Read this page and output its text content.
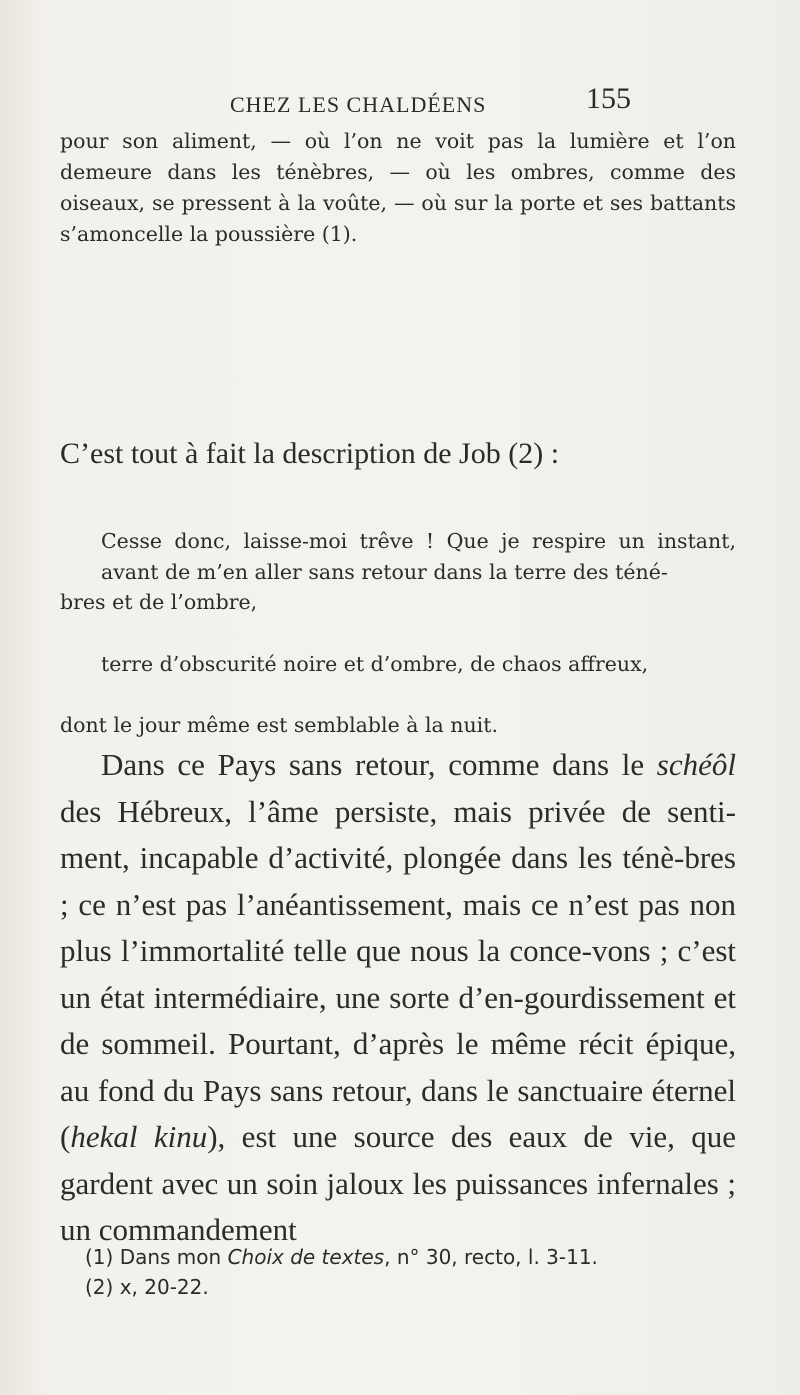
CHEZ LES CHALDÉENS	155
pour son aliment, — où l’on ne voit pas la lumière et l’on demeure dans les ténèbres, — où les ombres, comme des oiseaux, se pressent à la voûte, — où sur la porte et ses battants s’amoncelle la poussière (1).
C’est tout à fait la description de Job (2) :
Cesse donc, laisse-moi trêve ! Que je respire un instant, avant de m’en aller sans retour dans la terre des téné-
bres et de l’ombre,
terre d’obscurité noire et d’ombre, de chaos affreux,
dont le jour même est semblable à la nuit.

Dans ce Pays sans retour, comme dans le schéôl des Hébreux, l’âme persiste, mais privée de senti-ment, incapable d’activité, plongée dans les ténè-bres ; ce n’est pas l’anéantissement, mais ce n’est pas non plus l’immortalité telle que nous la conce-vons ; c’est un état intermédiaire, une sorte d’en-gourdissement et de sommeil. Pourtant, d’après le même récit épique, au fond du Pays sans retour, dans le sanctuaire éternel (hekal kinu), est une source des eaux de vie, que gardent avec un soin jaloux les puissances infernales ; un commandement

(1) Dans mon Choix de textes, n° 30, recto, l. 3-11.
(2) x, 20-22.
